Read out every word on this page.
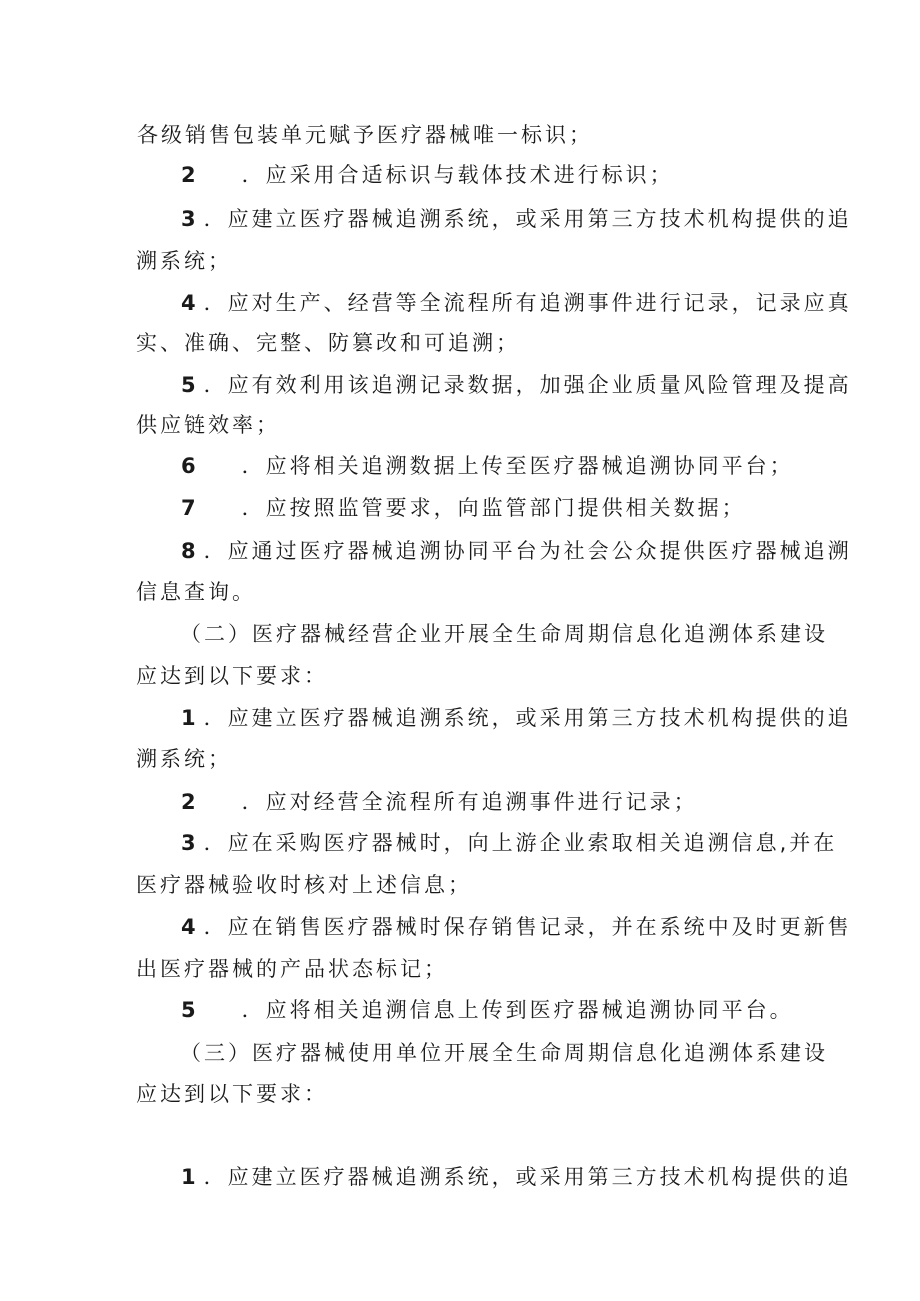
各级销售包装单元赋予医疗器械唯一标识；

2 ．应采用合适标识与载体技术进行标识；

3 ．应建立医疗器械追溯系统，或采用第三方技术机构提供的追

溯系统；

4 ．应对生产、经营等全流程所有追溯事件进行记录，记录应真

实、准确、完整、防篡改和可追溯；

5 ．应有效利用该追溯记录数据，加强企业质量风险管理及提高

供应链效率；

6 ．应将相关追溯数据上传至医疗器械追溯协同平台；

7 ．应按照监管要求，向监管部门提供相关数据；

8 ．应通过医疗器械追溯协同平台为社会公众提供医疗器械追溯

信息查询。

（二）医疗器械经营企业开展全生命周期信息化追溯体系建设

应达到以下要求：

1 ．应建立医疗器械追溯系统，或采用第三方技术机构提供的追

溯系统；

2 ．应对经营全流程所有追溯事件进行记录；

3 ．应在采购医疗器械时，向上游企业索取相关追溯信息,并在

医疗器械验收时核对上述信息；

4 ．应在销售医疗器械时保存销售记录，并在系统中及时更新售

出医疗器械的产品状态标记；

5 ．应将相关追溯信息上传到医疗器械追溯协同平台。

（三）医疗器械使用单位开展全生命周期信息化追溯体系建设

应达到以下要求：

1 ．应建立医疗器械追溯系统，或采用第三方技术机构提供的追
